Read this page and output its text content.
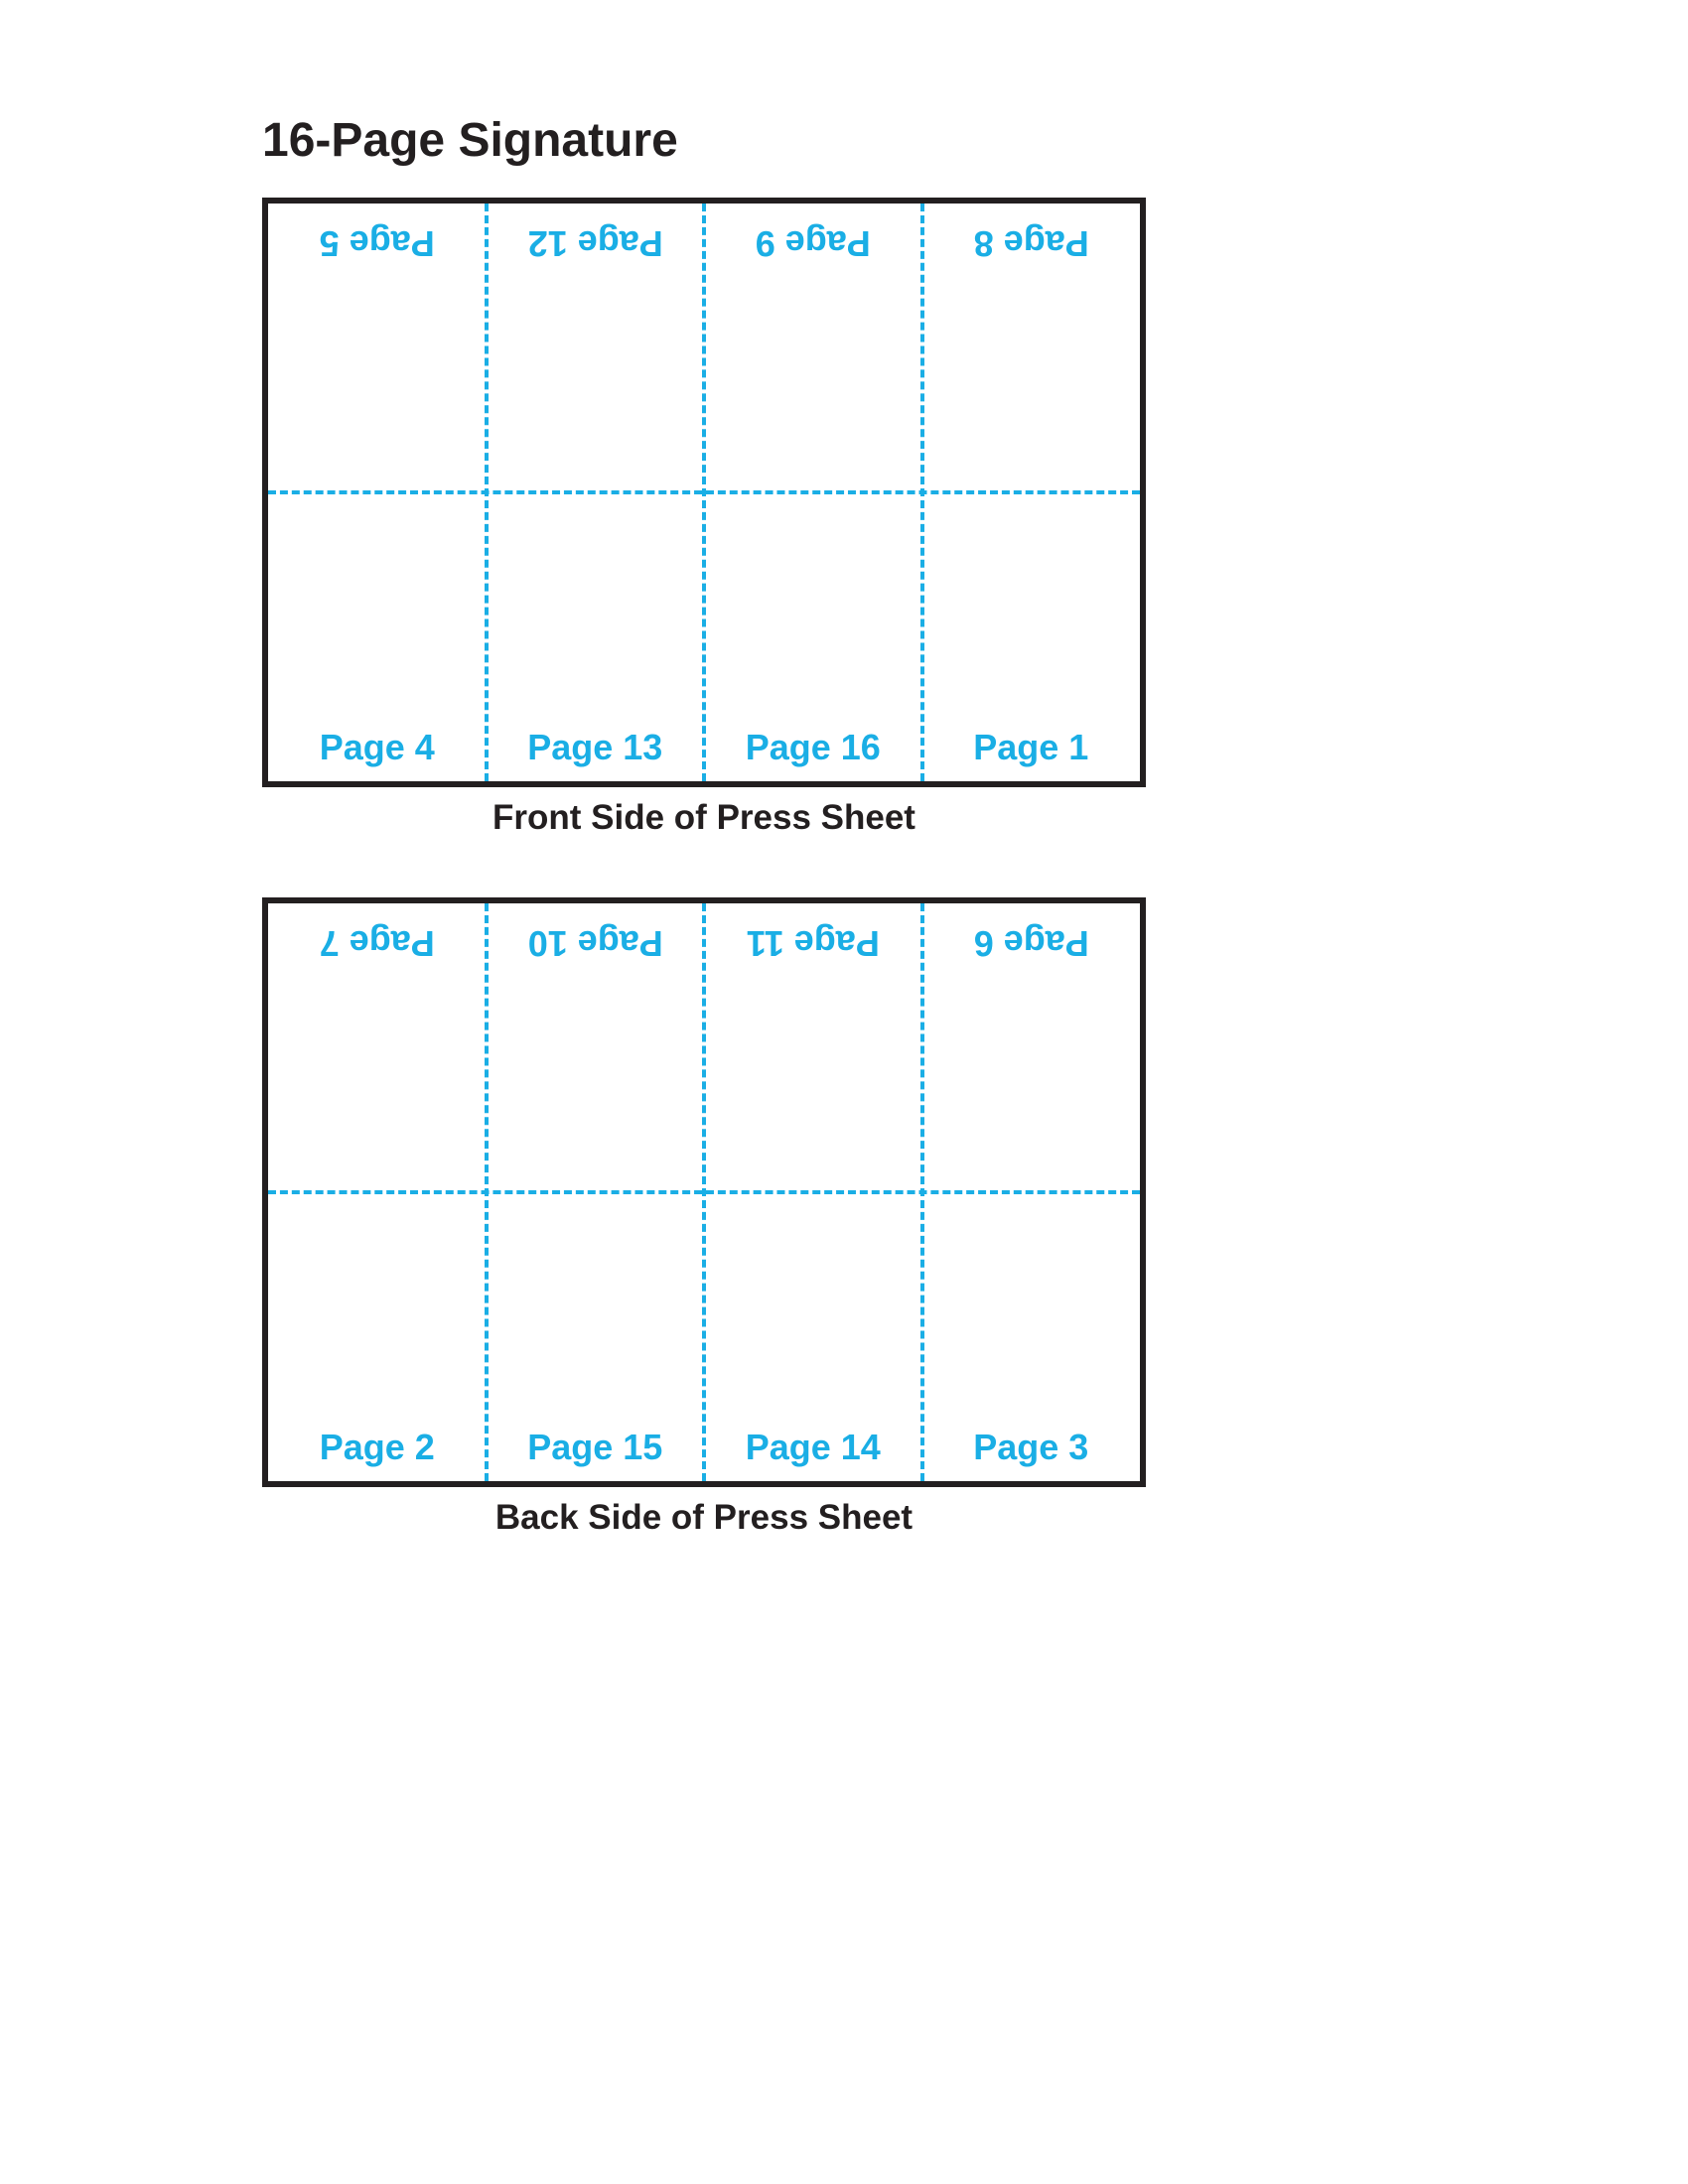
16-Page Signature
Page 5	Page 12	Page 9	Page 8
Page 4	Page 13	Page 16	Page 1

Front Side of Press Sheet

Page 7	Page 10	Page 11	Page 6
Page 2	Page 15	Page 14	Page 3

Back Side of Press Sheet
